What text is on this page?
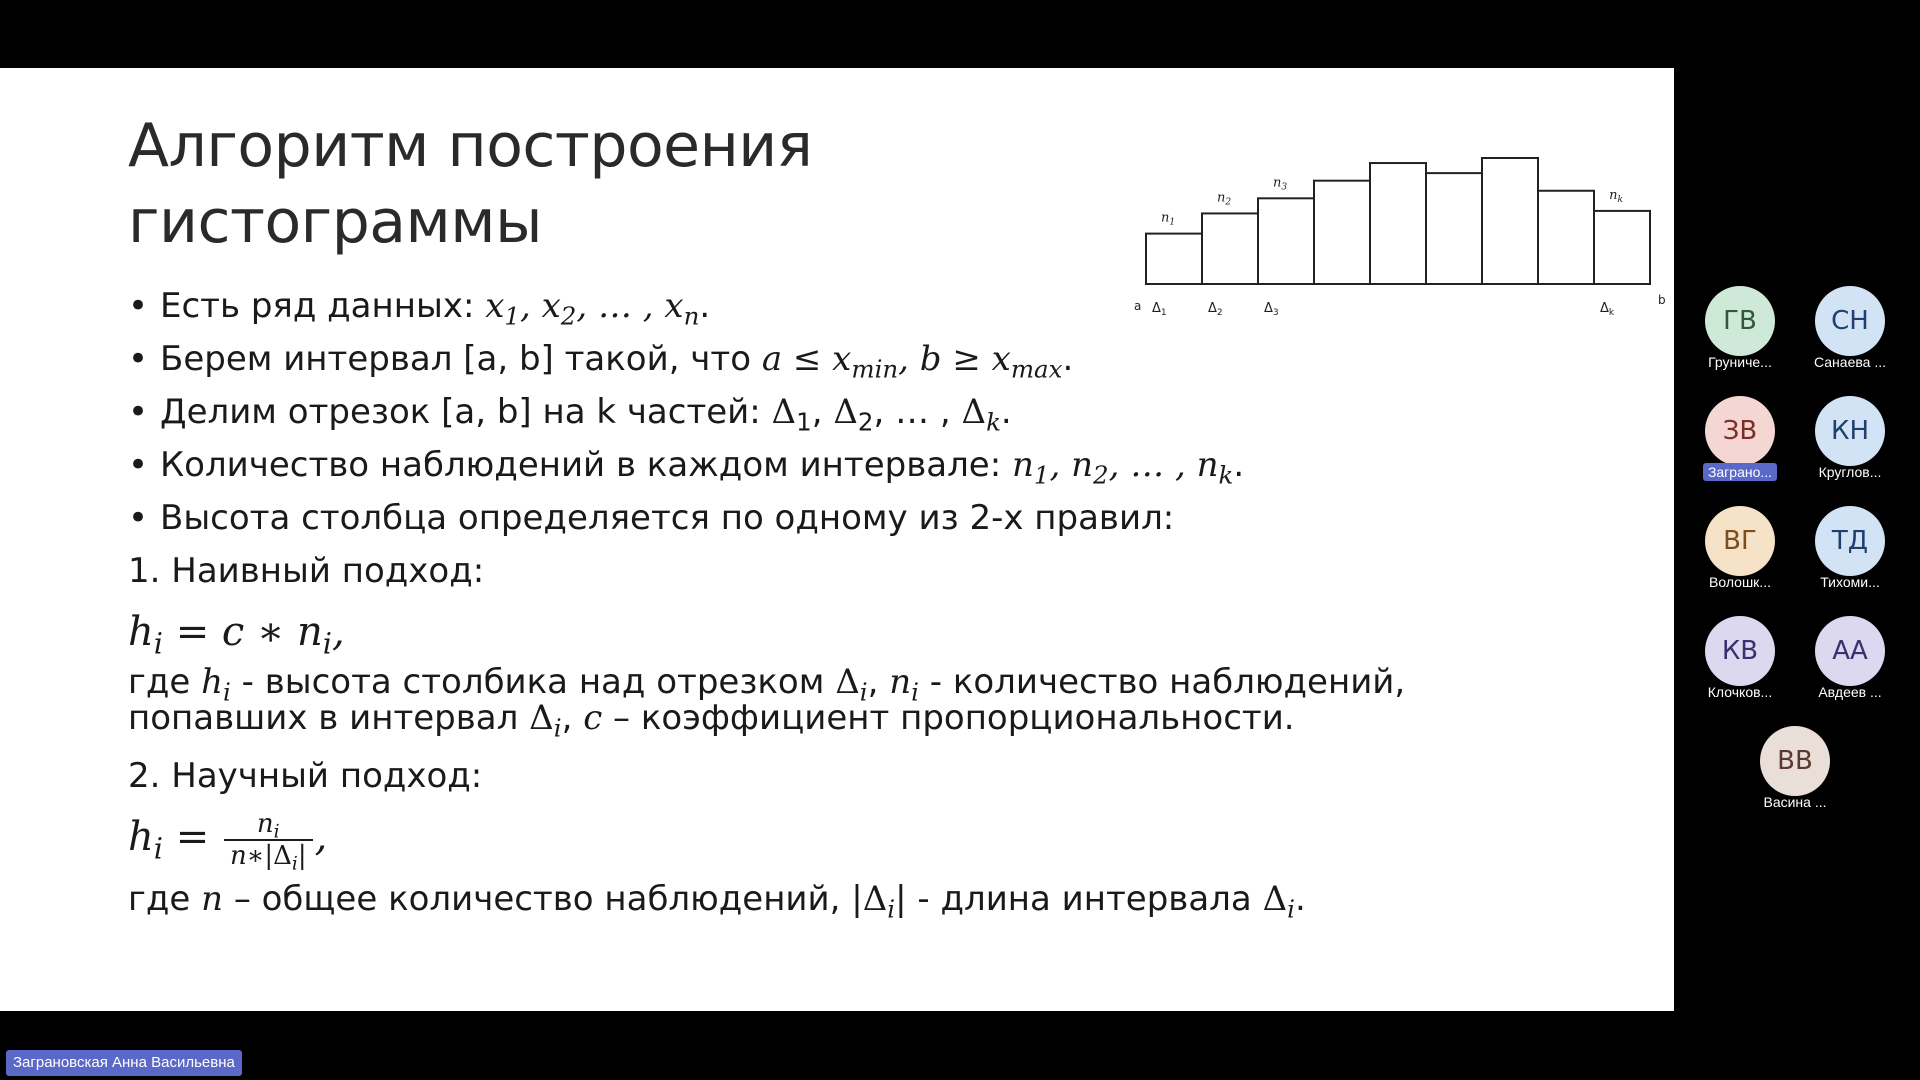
Алгоритм построения
гистограммы	$n_1$
$\Delta_1$
$n_2$
$\Delta_2$
$n_3$
$\Delta_3$
$n_k$
$\Delta_k$
a	b
• Есть ряд данных: $x_1$, $x_2$, … , $x_n$.
• Берем интервал [a, b] такой, что $a \le x_{min}$, $b \ge x_{max}$.
• Делим отрезок [a, b] на k частей: $\Delta_1$, $\Delta_2$, … , $\Delta_k$.
• Количество наблюдений в каждом интервале: $n_1$, $n_2$, … , $n_k$.
• Высота столбца определяется по одному из 2-х правил:
1. Наивный подход:
$h_i = c$ ∗ $n_i$,
где $h_i$ - высота столбика над отрезком $\Delta_i$, $n_i$ - количество наблюдений,
попавших в интервал $\Delta_i$, c – коэффициент пропорциональности.
2. Научный подход:
$h_i = \frac{n_i}{n∗|\Delta_i|}$ ,
где n – общее количество наблюдений, $|\Delta_i|$ - длина интервала $\Delta_i$.
ГВ
Груниче...
СН
Санаева ...
ЗВ
Заграно...
КН
Круглов...
ВГ
Волошк...
ТД
Тихоми...
КВ
Клочков...
АА
Авдеев ...
ВВ
Васина ...
Заграновская Анна Васильевна
